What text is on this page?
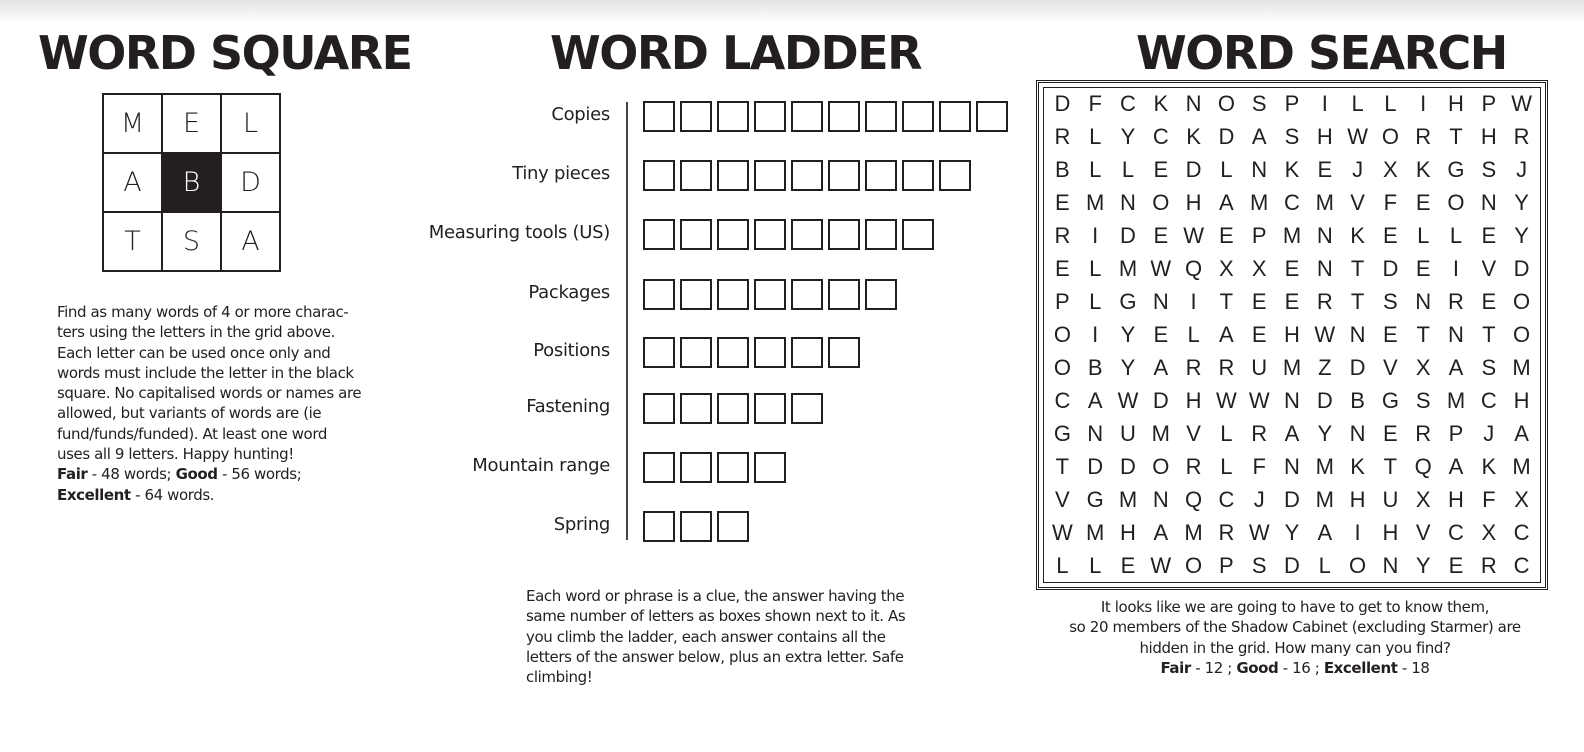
WORD SQUARE	WORD LADDER	WORD SEARCH
M	E	L
A	B	D
T	S	A
Find as many words of 4 or more charac-ters using the letters in the grid above. Each letter can be used once only and words must include the letter in the black square. No capitalised words or names are allowed, but variants of words are (ie fund/funds/funded). At least one word uses all 9 letters. Happy hunting!
Fair - 48 words; Good - 56 words;
Excellent - 64 words.
Copies
Tiny pieces
Measuring tools (US)
Packages
Positions
Fastening
Mountain range
Spring
Each word or phrase is a clue, the answer having the same number of letters as boxes shown next to it. As you climb the ladder, each answer contains all the letters of the answer below, plus an extra letter. Safe climbing!
D F C K N O S P	I	L L	I H P W
R L Y C K D A S H W O R T H R
B L L E D L N K E J X K G S J
E M N O H A M C M V F E O N Y
R I D E W E P M N K E L L E Y
E L M W Q X X E N T D E	I	V D
P L G N I	T E E R T S N R E O
O I	Y E L A E H W N E T N T O
O B Y A R R U M Z D V X A S M
C A W D H W W N D B G S M C H
G N U M V L R A Y N E R P J A
T D D O R L F N M K T Q A K M
V G M N Q C J D M H U X H F X
W M H A M R W Y A	I H V C X C
L L E W O P S D L O N Y E R C
It looks like we are going to have to get to know them,
so 20 members of the Shadow Cabinet (excluding Starmer) are
hidden in the grid. How many can you find?
Fair - 12 ; Good - 16 ; Excellent - 18
